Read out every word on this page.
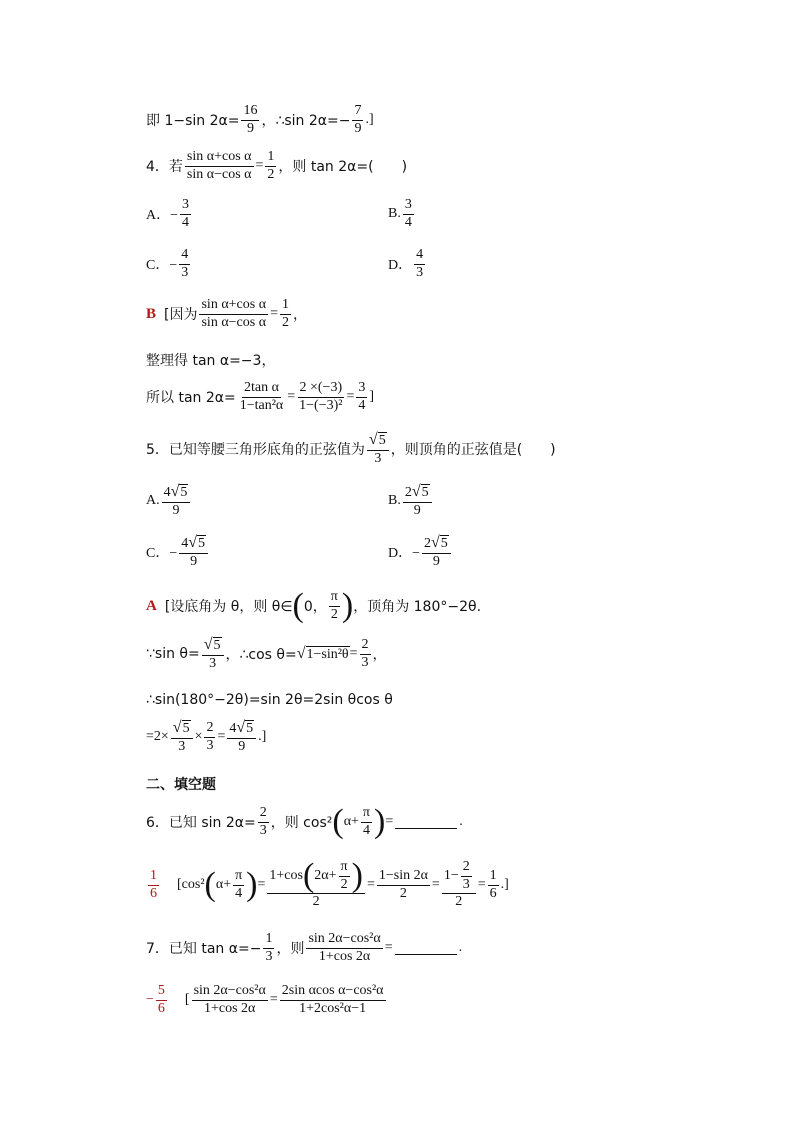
即 1−sin $2\alpha= \frac{16}{9}$ ，∴sin $2\alpha=- \frac{7}{9}$ .]
4．若 $\frac{\text{sin α+cos α}}{\text{sin α−cos α}} = \frac{1}{2}$ ，则 tan 2α=(　　)
A．− $\frac{3}{4}$	B. $\frac{3}{4}$
C．− $\frac{4}{3}$	D． $\frac{4}{3}$
B [因为 $\frac{\text{sin α+cos α}}{\text{sin α−cos α}} = \frac{1}{2}$ ，
整理得 tan α=−3，
所以 $\tan 2\alpha= \frac{\text{2tan α}}{\text{1−tan²α}} = \frac{2 \times(-3)}{\text{1−(−3)²}} = \frac{3}{4}$ ]
5．已知等腰三角形底角的正弦值为 $\frac{√ 5}{3}$ ，则顶角的正弦值是(　　)
A. $\frac{4 √ 5}{9}$	B. $\frac{2 √ 5}{9}$
C．− $\frac{4 √ 5}{9}$	D．− $\frac{2 √ 5}{9}$
A [设底角为 θ，则 θ∈ ( 0， $\frac{\pi}{2}$ ) ，顶角为 180°−2θ.
∵sin $\theta= \frac{√ 5}{3}$ ，∴cos θ= √ $1-\sin^2\theta = \frac{2}{3}$ ，
∴sin(180°−2θ)=sin 2θ=2sin θcos θ
$=2\times \frac{√ 5}{3} \times \frac{2}{3} = \frac{4 √ 5}{9}$ .]
二、填空题
6．已知 $\sin 2\alpha= \frac{2}{3}$ ，则 cos² ( $\alpha+ \frac{\pi}{4}$ ) =	.
$\frac{1}{6} [\cos^2$ ( $\alpha+ \frac{\pi}{4}$ ) = $\frac{1+\cos ( 2\alpha+ \frac{\pi}{2} )}{2} = \frac{1-\sin 2\alpha}{2} = \frac{1- \frac{2}{3}}{2} = \frac{1}{6}$ .]
7．已知 $\tan \alpha=- \frac{1}{3}$ ，则 $\frac{\text{sin 2α−cos²α}}{1+\cos 2\alpha}$ =	.
− $\frac{5}{6}$ [ $\frac{\text{sin 2α−cos²α}}{1+\cos 2\alpha} = \frac{\text{2sin αcos α−cos²α}}{\text{1+2cos²α−1}}$
